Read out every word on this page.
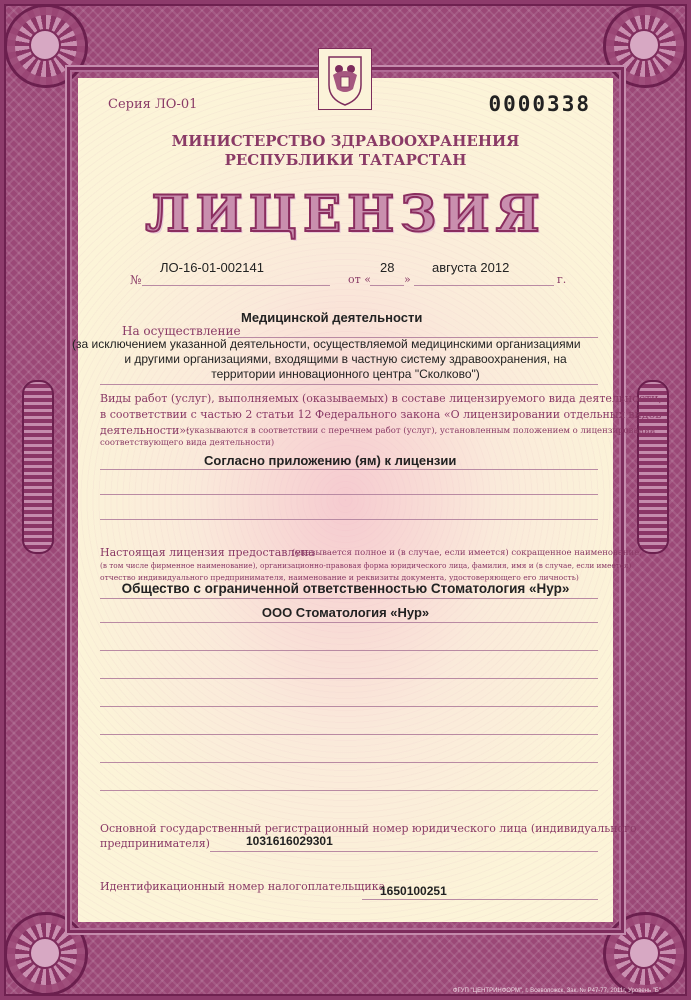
Серия ЛО-01	0000338

МИНИСТЕРСТВО ЗДРАВООХРАНЕНИЯ

РЕСПУБЛИКИ ТАТАРСТАН

ЛИЦЕНЗИЯ

№

ЛО-16-01-002141

от «

28

»

августа 2012

г.

Медицинской деятельности

На осуществление

(за исключением указанной деятельности, осуществляемой медицинскими организациями

и другими организациями, входящими в частную систему здравоохранения, на

территории инновационного центра "Сколково")

Виды работ (услуг), выполняемых (оказываемых) в составе лицензируемого вида деятельности,

в соответствии с частью 2 статьи 12 Федерального закона «О лицензировании отдельных видов

деятельности»:

(указываются в соответствии с перечнем работ (услуг), установленным положением о лицензировании

соответствующего вида деятельности)

Согласно приложению (ям) к лицензии

Настоящая лицензия предоставлена

(указывается полное и (в случае, если имеется) сокращенное наименование,

(в том числе фирменное наименование), организационно-правовая форма юридического лица, фамилия, имя и (в случае, если имеется)

отчество индивидуального предпринимателя, наименование и реквизиты документа, удостоверяющего его личность)

Общество с ограниченной ответственностью Стоматология «Нур»

ООО Стоматология «Нур»

Основной государственный регистрационный номер юридического лица (индивидуального

предпринимателя)	1031616029301

Идентификационный номер налогоплательщика

1650100251

ФГУП "ЦЕНТРИНФОРМ", г. Всеволожск, Зак. № Р47-77, 2011г, Уровень "Б"
